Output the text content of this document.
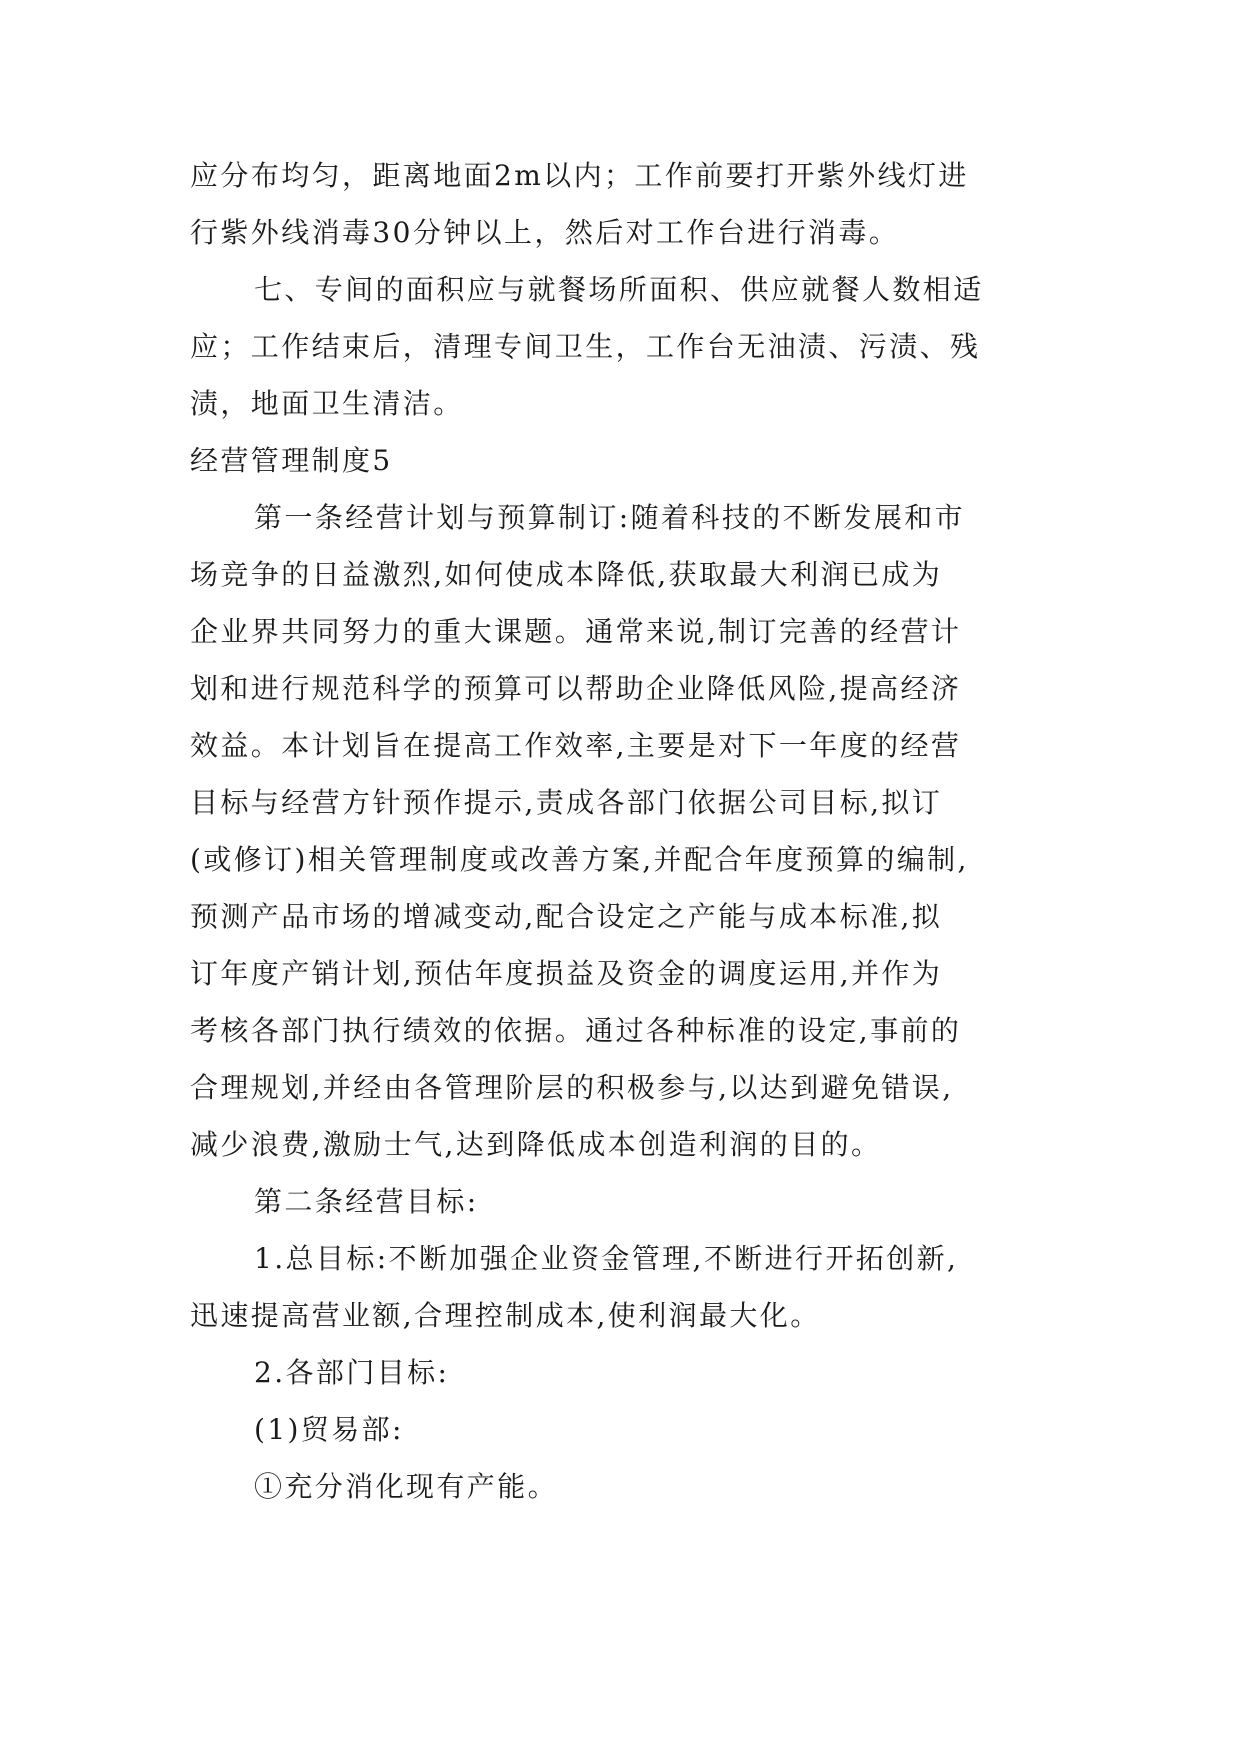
应分布均匀，距离地面2m以内；工作前要打开紫外线灯进
行紫外线消毒30分钟以上，然后对工作台进行消毒。
七、专间的面积应与就餐场所面积、供应就餐人数相适
应；工作结束后，清理专间卫生，工作台无油渍、污渍、残
渍，地面卫生清洁。
经营管理制度5
第一条经营计划与预算制订:随着科技的不断发展和市
场竞争的日益激烈,如何使成本降低,获取最大利润已成为
企业界共同努力的重大课题。通常来说,制订完善的经营计
划和进行规范科学的预算可以帮助企业降低风险,提高经济
效益。本计划旨在提高工作效率,主要是对下一年度的经营
目标与经营方针预作提示,责成各部门依据公司目标,拟订
(或修订)相关管理制度或改善方案,并配合年度预算的编制,
预测产品市场的增减变动,配合设定之产能与成本标准,拟
订年度产销计划,预估年度损益及资金的调度运用,并作为
考核各部门执行绩效的依据。通过各种标准的设定,事前的
合理规划,并经由各管理阶层的积极参与,以达到避免错误,
减少浪费,激励士气,达到降低成本创造利润的目的。
第二条经营目标:
1.总目标:不断加强企业资金管理,不断进行开拓创新,
迅速提高营业额,合理控制成本,使利润最大化。
2.各部门目标:
(1)贸易部:
①充分消化现有产能。
